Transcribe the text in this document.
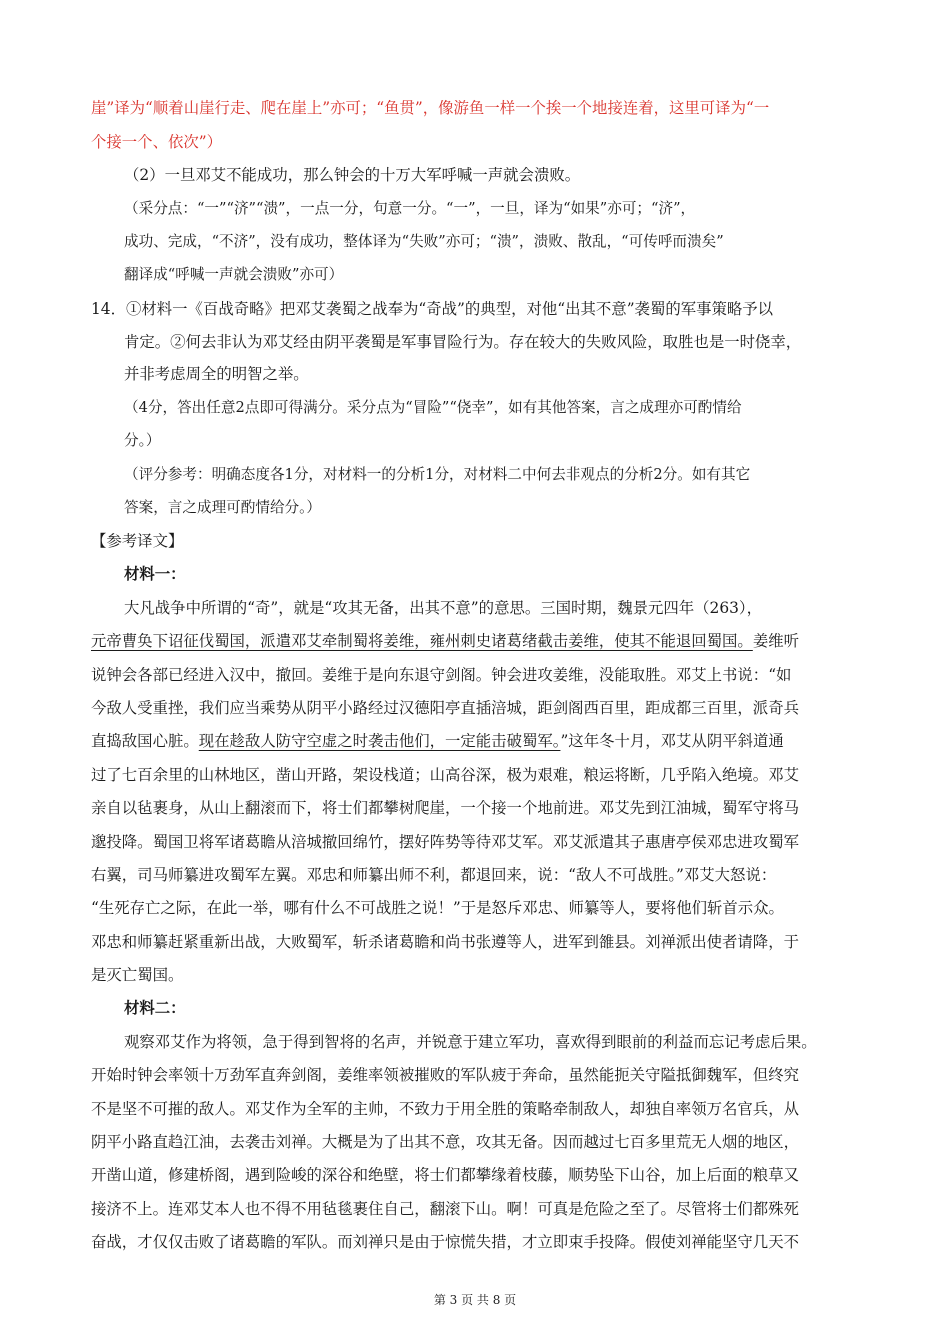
崖”译为“顺着山崖行走、爬在崖上”亦可；“鱼贯”，像游鱼一样一个挨一个地接连着，这里可译为“一
个接一个、依次”）
（2）一旦邓艾不能成功，那么钟会的十万大军呼喊一声就会溃败。
（采分点：“一”“济”“溃”，一点一分，句意一分。“一”，一旦，译为“如果”亦可；“济”，
成功、完成，“不济”，没有成功，整体译为“失败”亦可；“溃”，溃败、散乱，“可传呼而溃矣”
翻译成“呼喊一声就会溃败”亦可）
14．①材料一《百战奇略》把邓艾袭蜀之战奉为“奇战”的典型，对他“出其不意”袭蜀的军事策略予以
肯定。②何去非认为邓艾经由阴平袭蜀是军事冒险行为。存在较大的失败风险，取胜也是一时侥幸，
并非考虑周全的明智之举。
（4分，答出任意2点即可得满分。采分点为“冒险”“侥幸”，如有其他答案，言之成理亦可酌情给
分。）
（评分参考：明确态度各1分，对材料一的分析1分，对材料二中何去非观点的分析2分。如有其它
答案，言之成理可酌情给分。）
【参考译文】
材料一：
大凡战争中所谓的“奇”，就是“攻其无备，出其不意”的意思。三国时期，魏景元四年（263），
元帝曹奂下诏征伐蜀国，派遣邓艾牵制蜀将姜维，雍州刺史诸葛绪截击姜维，使其不能退回蜀国。姜维听
说钟会各部已经进入汉中，撤回。姜维于是向东退守剑阁。钟会进攻姜维，没能取胜。邓艾上书说：“如
今敌人受重挫，我们应当乘势从阴平小路经过汉德阳亭直插涪城，距剑阁西百里，距成都三百里，派奇兵
直捣敌国心脏。现在趁敌人防守空虚之时袭击他们，一定能击破蜀军。”这年冬十月，邓艾从阴平斜道通
过了七百余里的山林地区，凿山开路，架设栈道；山高谷深，极为艰难，粮运将断，几乎陷入绝境。邓艾
亲自以毡裹身，从山上翻滚而下，将士们都攀树爬崖，一个接一个地前进。邓艾先到江油城，蜀军守将马
邈投降。蜀国卫将军诸葛瞻从涪城撤回绵竹，摆好阵势等待邓艾军。邓艾派遣其子惠唐亭侯邓忠进攻蜀军
右翼，司马师纂进攻蜀军左翼。邓忠和师纂出师不利，都退回来，说：“敌人不可战胜。”邓艾大怒说：
“生死存亡之际，在此一举，哪有什么不可战胜之说！”于是怒斥邓忠、师纂等人，要将他们斩首示众。
邓忠和师纂赶紧重新出战，大败蜀军，斩杀诸葛瞻和尚书张遵等人，进军到雒县。刘禅派出使者请降，于
是灭亡蜀国。
材料二：
观察邓艾作为将领，急于得到智将的名声，并锐意于建立军功，喜欢得到眼前的利益而忘记考虑后果。
开始时钟会率领十万劲军直奔剑阁，姜维率领被摧败的军队疲于奔命，虽然能扼关守隘抵御魏军，但终究
不是坚不可摧的敌人。邓艾作为全军的主帅，不致力于用全胜的策略牵制敌人，却独自率领万名官兵，从
阴平小路直趋江油，去袭击刘禅。大概是为了出其不意，攻其无备。因而越过七百多里荒无人烟的地区，
开凿山道，修建桥阁，遇到险峻的深谷和绝壁，将士们都攀缘着枝藤，顺势坠下山谷，加上后面的粮草又
接济不上。连邓艾本人也不得不用毡毯裹住自己，翻滚下山。啊！可真是危险之至了。尽管将士们都殊死
奋战，才仅仅击败了诸葛瞻的军队。而刘禅只是由于惊慌失措，才立即束手投降。假使刘禅能坚守几天不
第 3 页 共 8 页
